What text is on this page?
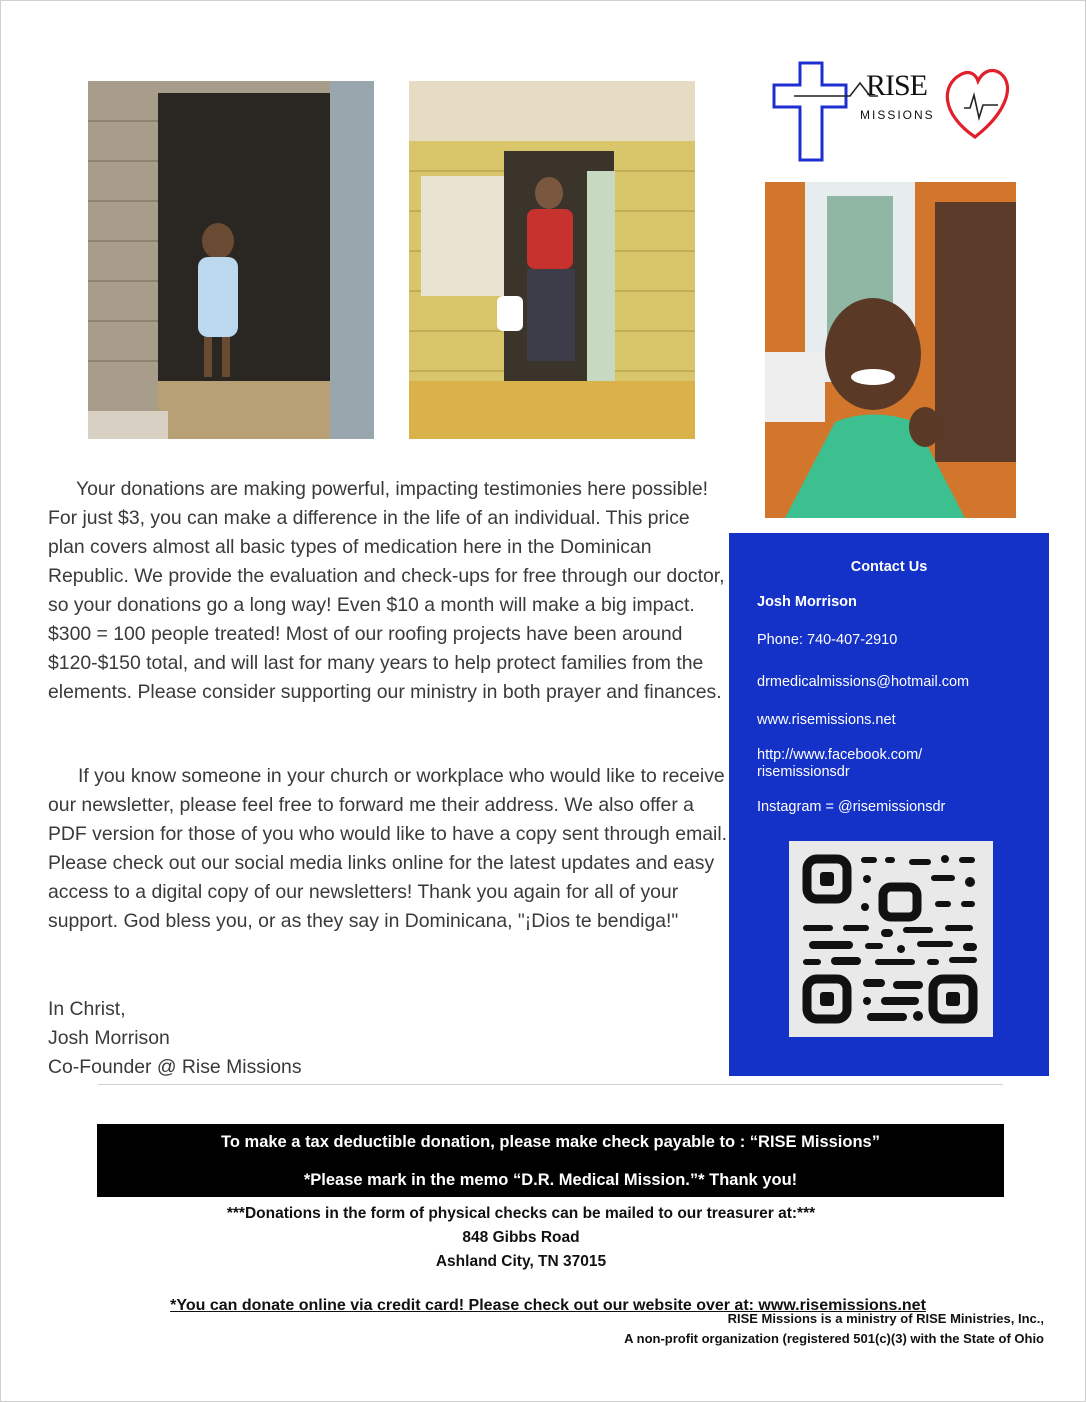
RISE
MISSIONS

Your donations are making powerful, impacting testimonies here possible! For just $3, you can make a difference in the life of an individual. This price plan covers almost all basic types of medication here in the Dominican Republic. We provide the evaluation and check-ups for free through our doctor, so your donations go a long way! Even $10 a month will make a big impact. $300 = 100 people treated! Most of our roofing projects have been around $120-$150 total, and will last for many years to help protect families from the elements. Please consider supporting our ministry in both prayer and finances.

If you know someone in your church or workplace who would like to receive our newsletter, please feel free to forward me their address. We also offer a PDF version for those of you who would like to have a copy sent through email. Please check out our social media links online for the latest updates and easy access to a digital copy of our newsletters! Thank you again for all of your support. God bless you, or as they say in Dominicana, "¡Dios te bendiga!"

In Christ,

Josh Morrison

Co-Founder @ Rise Missions

Contact Us
Josh Morrison
Phone: 740-407-2910
drmedicalmissions@hotmail.com
www.risemissions.net
http://www.facebook.com/
risemissionsdr
Instagram = @risemissionsdr
To make a tax deductible donation, please make check payable to : “RISE Missions”
*Please mark in the memo “D.R. Medical Mission.”* Thank you!
***Donations in the form of physical checks can be mailed to our treasurer at:***
848 Gibbs Road
Ashland City, TN 37015
*You can donate online via credit card! Please check out our website over at: www.risemissions.net
RISE Missions is a ministry of RISE Ministries, Inc.,
A non-profit organization (registered 501(c)(3) with the State of Ohio
